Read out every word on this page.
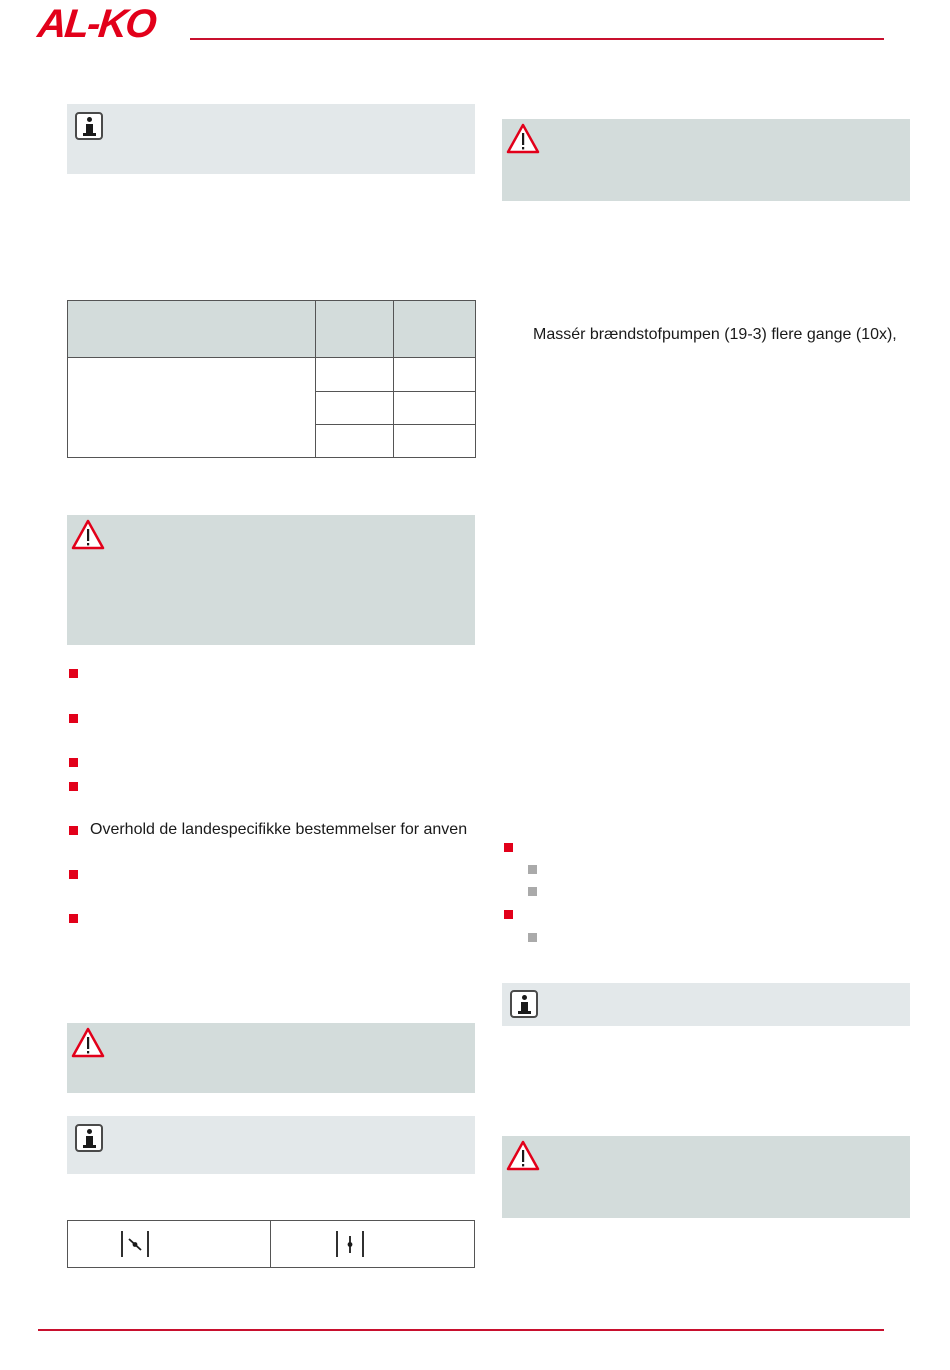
AL-KO

Overhold de landespecifikke bestemmelser for anven
Massér brændstofpumpen (19-3) flere gange (10x),
